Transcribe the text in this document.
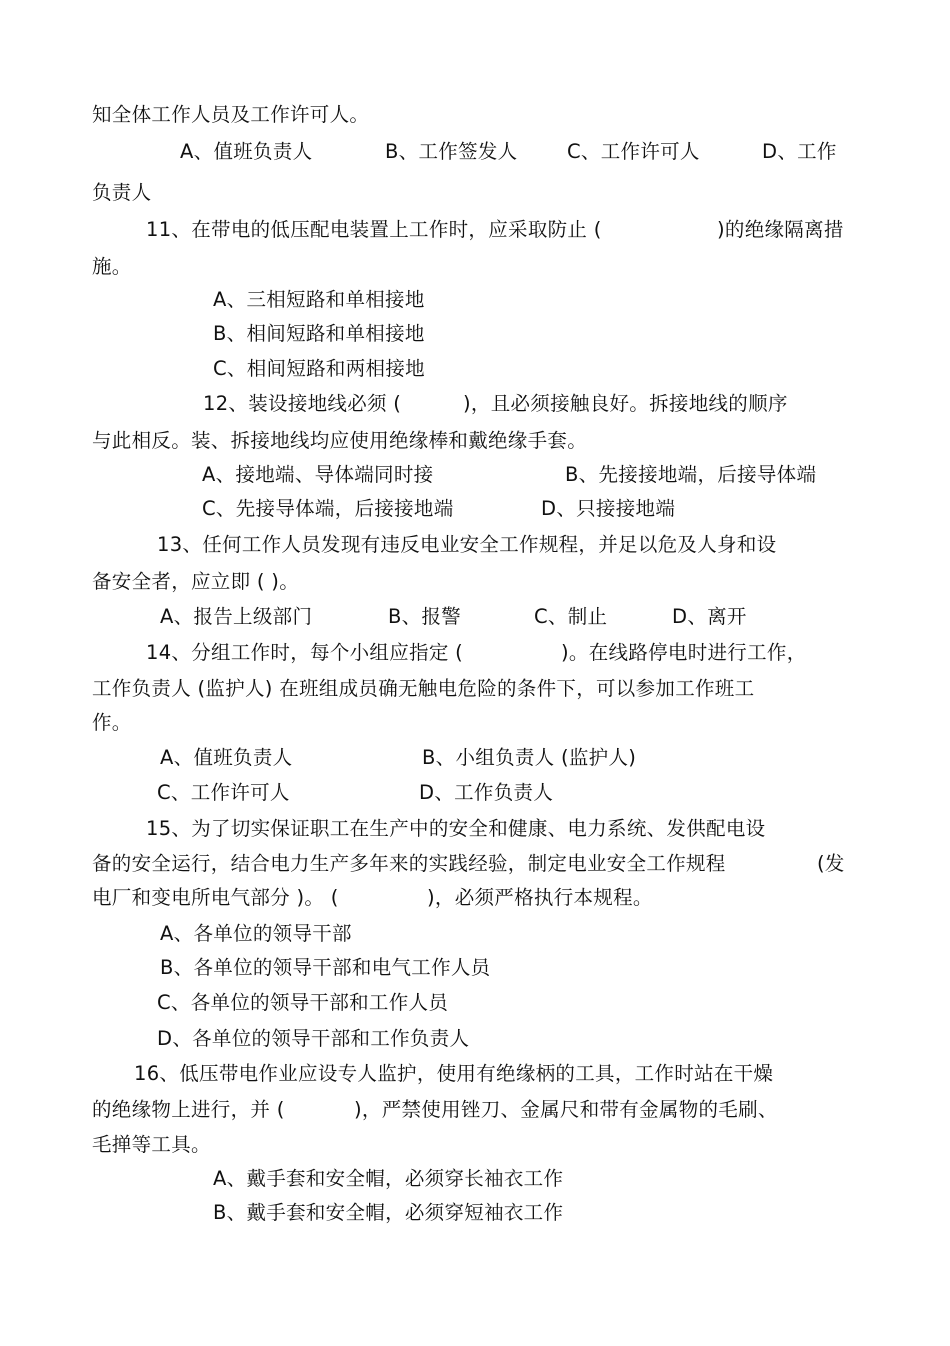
知全体工作人员及工作许可人。
A、值班负责人	B、工作签发人	C、工作许可人	D、工作
负责人
11、在带电的低压配电装置上工作时，应采取防止 (	)的绝缘隔离措
施。
A、三相短路和单相接地
B、相间短路和单相接地
C、相间短路和两相接地
12、装设接地线必须 (	)，且必须接触良好。拆接地线的顺序
与此相反。装、拆接地线均应使用绝缘棒和戴绝缘手套。
A、接地端、导体端同时接	B、先接接地端，后接导体端
C、先接导体端，后接接地端	D、只接接地端
13、任何工作人员发现有违反电业安全工作规程，并足以危及人身和设
备安全者，应立即 ( )。
A、报告上级部门	B、报警	C、制止	D、离开
14、分组工作时，每个小组应指定 (	)。在线路停电时进行工作，
工作负责人 (监护人) 在班组成员确无触电危险的条件下，可以参加工作班工
作。
A、值班负责人	B、小组负责人 (监护人)
C、工作许可人	D、工作负责人
15、为了切实保证职工在生产中的安全和健康、电力系统、发供配电设
备的安全运行，结合电力生产多年来的实践经验，制定电业安全工作规程	(发
电厂和变电所电气部分 )。 (	)，必须严格执行本规程。
A、各单位的领导干部
B、各单位的领导干部和电气工作人员
C、各单位的领导干部和工作人员
D、各单位的领导干部和工作负责人
16、低压带电作业应设专人监护，使用有绝缘柄的工具，工作时站在干燥
的绝缘物上进行，并 (	)，严禁使用锉刀、金属尺和带有金属物的毛刷、
毛掸等工具。
A、戴手套和安全帽，必须穿长袖衣工作
B、戴手套和安全帽，必须穿短袖衣工作
